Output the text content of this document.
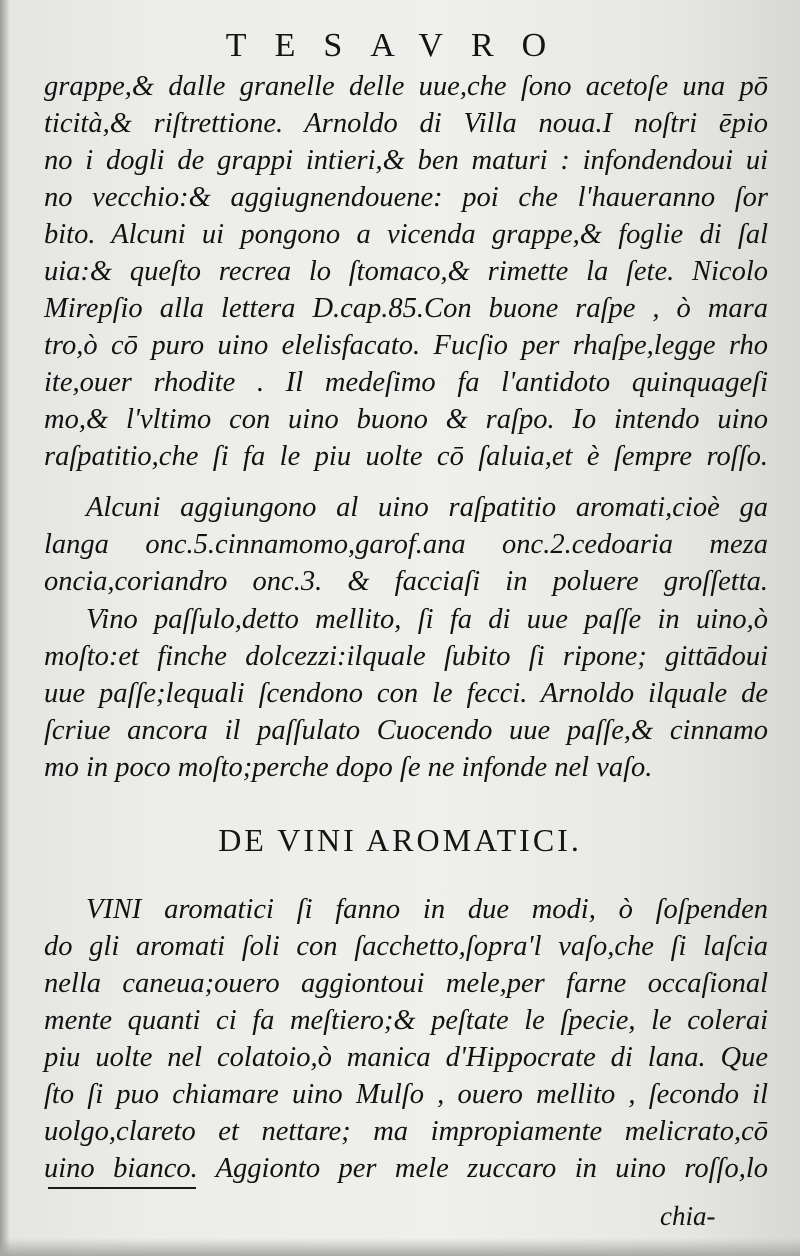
TESAVRO
grappe,& dalle granelle delle uue,che ſono acetoſe una pō
ticità,& riſtrettione. Arnoldo di Villa noua.I noſtri ēpio
no i dogli de grappi intieri,& ben maturi : infondendoui ui
no vecchio:& aggiugnendouene: poi che l'haueranno ſor
bito. Alcuni ui pongono a vicenda grappe,& foglie di ſal
uia:& queſto recrea lo ſtomaco,& rimette la ſete. Nicolo
Mirepſio alla lettera D.cap.85.Con buone raſpe , ò mara
tro,ò cō puro uino elelisfacato. Fucſio per rhaſpe,legge rho
ite,ouer rhodite . Il medeſimo fa l'antidoto quinquageſi
mo,& l'vltimo con uino buono & raſpo. Io intendo uino
raſpatitio,che ſi fa le piu uolte cō ſaluia,et è ſempre roſſo.
Alcuni aggiungono al uino raſpatitio aromati,cioè ga
langa onc.5.cinnamomo,garof.ana onc.2.cedoaria meza
oncia,coriandro onc.3. & facciaſi in poluere groſſetta.
Vino paſſulo,detto mellito, ſi fa di uue paſſe in uino,ò
moſto:et finche dolcezzi:ilquale ſubito ſi ripone; gittādoui
uue paſſe;lequali ſcendono con le fecci. Arnoldo ilquale de
ſcriue ancora il paſſulato Cuocendo uue paſſe,& cinnamo
mo in poco moſto;perche dopo ſe ne infonde nel vaſo.
DE VINI AROMATICI.
VINI aromatici ſi fanno in due modi, ò ſoſpenden
do gli aromati ſoli con ſacchetto,ſopra'l vaſo,che ſi laſcia
nella caneua;ouero aggiontoui mele,per farne occaſional
mente quanti ci fa meſtiero;& peſtate le ſpecie, le colerai
piu uolte nel colatoio,ò manica d'Hippocrate di lana. Que
ſto ſi puo chiamare uino Mulſo , ouero mellito , ſecondo il
uolgo,clareto et nettare; ma impropiamente melicrato,cō
uino bianco. Aggionto per mele zuccaro in uino roſſo,lo
chia-
